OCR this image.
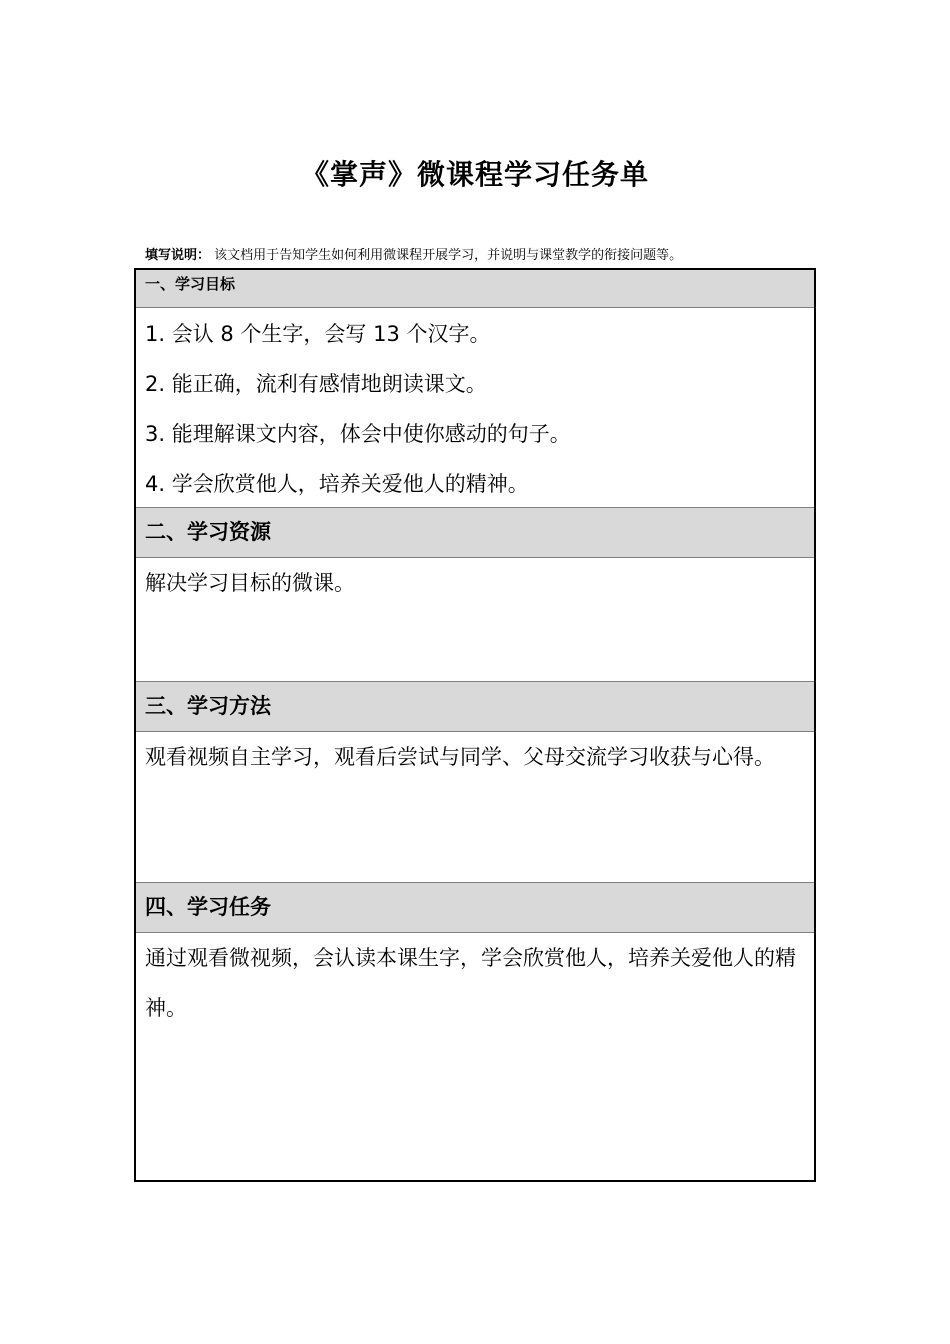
《掌声》微课程学习任务单
填写说明： 该文档用于告知学生如何利用微课程开展学习，并说明与课堂教学的衔接问题等。
一、学习目标

1. 会认 8 个生字，会写 13 个汉字。

2. 能正确，流利有感情地朗读课文。

3. 能理解课文内容，体会中使你感动的句子。

4. 学会欣赏他人，培养关爱他人的精神。

二、学习资源

解决学习目标的微课。

三、学习方法

观看视频自主学习，观看后尝试与同学、父母交流学习收获与心得。

四、学习任务

通过观看微视频，会认读本课生字，学会欣赏他人，培养关爱他人的精神。
